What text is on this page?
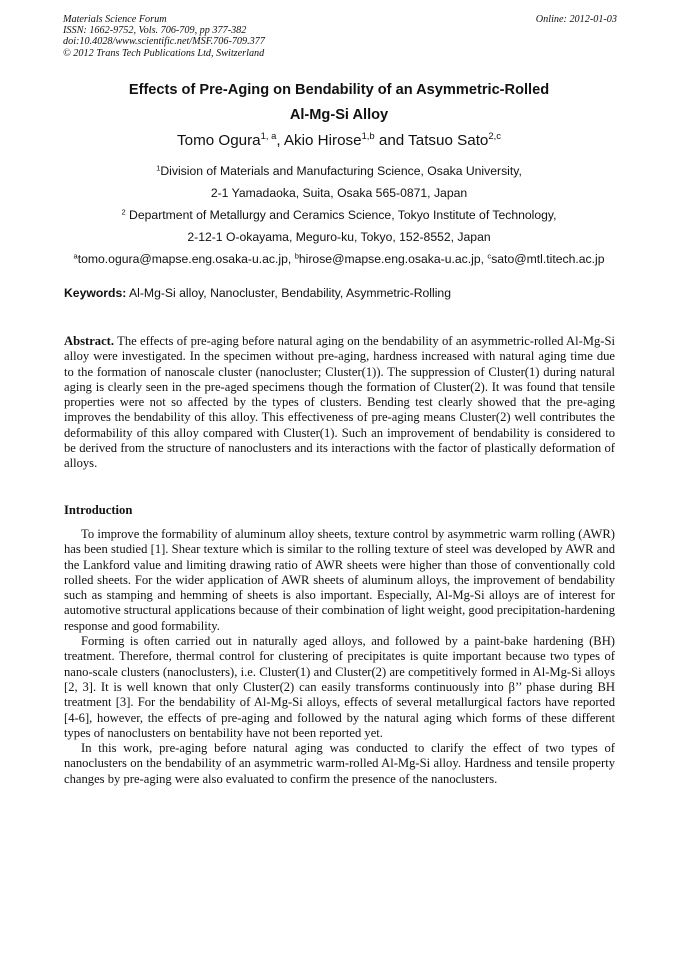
Materials Science Forum
ISSN: 1662-9752, Vols. 706-709, pp 377-382
doi:10.4028/www.scientific.net/MSF.706-709.377
© 2012 Trans Tech Publications Ltd, Switzerland
Online: 2012-01-03
Effects of Pre-Aging on Bendability of an Asymmetric-Rolled
Al-Mg-Si Alloy
Tomo Ogura$^{1, a}$, Akio Hirose$^{1,b}$ and Tatsuo Sato$^{2,c}$
$^1$Division of Materials and Manufacturing Science, Osaka University,
2-1 Yamadaoka, Suita, Osaka 565-0871, Japan
$^2$ Department of Metallurgy and Ceramics Science, Tokyo Institute of Technology,
2-12-1 O-okayama, Meguro-ku, Tokyo, 152-8552, Japan
$^a$tomo.ogura@mapse.eng.osaka-u.ac.jp, $^b$hirose@mapse.eng.osaka-u.ac.jp, $^c$sato@mtl.titech.ac.jp
Keywords: Al-Mg-Si alloy, Nanocluster, Bendability, Asymmetric-Rolling

Abstract. The effects of pre-aging before natural aging on the bendability of an asymmetric-rolled Al-Mg-Si alloy were investigated. In the specimen without pre-aging, hardness increased with natural aging time due to the formation of nanoscale cluster (nanocluster; Cluster(1)). The suppression of Cluster(1) during natural aging is clearly seen in the pre-aged specimens though the formation of Cluster(2). It was found that tensile properties were not so affected by the types of clusters. Bending test clearly showed that the pre-aging improves the bendability of this alloy. This effectiveness of pre-aging means Cluster(2) well contributes the deformability of this alloy compared with Cluster(1). Such an improvement of bendability is considered to be derived from the structure of nanoclusters and its interactions with the factor of plastically deformation of alloys.

Introduction

To improve the formability of aluminum alloy sheets, texture control by asymmetric warm rolling (AWR) has been studied [1]. Shear texture which is similar to the rolling texture of steel was developed by AWR and the Lankford value and limiting drawing ratio of AWR sheets were higher than those of conventionally cold rolled sheets. For the wider application of AWR sheets of aluminum alloys, the improvement of bendability such as stamping and hemming of sheets is also important. Especially, Al-Mg-Si alloys are of interest for automotive structural applications because of their combination of light weight, good precipitation-hardening response and good formability.

Forming is often carried out in naturally aged alloys, and followed by a paint-bake hardening (BH) treatment. Therefore, thermal control for clustering of precipitates is quite important because two types of nano-scale clusters (nanoclusters), i.e. Cluster(1) and Cluster(2) are competitively formed in Al-Mg-Si alloys [2, 3]. It is well known that only Cluster(2) can easily transforms continuously into β’’ phase during BH treatment [3]. For the bendability of Al-Mg-Si alloys, effects of several metallurgical factors have reported [4-6], however, the effects of pre-aging and followed by the natural aging which forms of these different types of nanoclusters on bentability have not been reported yet.

In this work, pre-aging before natural aging was conducted to clarify the effect of two types of nanoclusters on the bendability of an asymmetric warm-rolled Al-Mg-Si alloy. Hardness and tensile property changes by pre-aging were also evaluated to confirm the presence of the nanoclusters.
